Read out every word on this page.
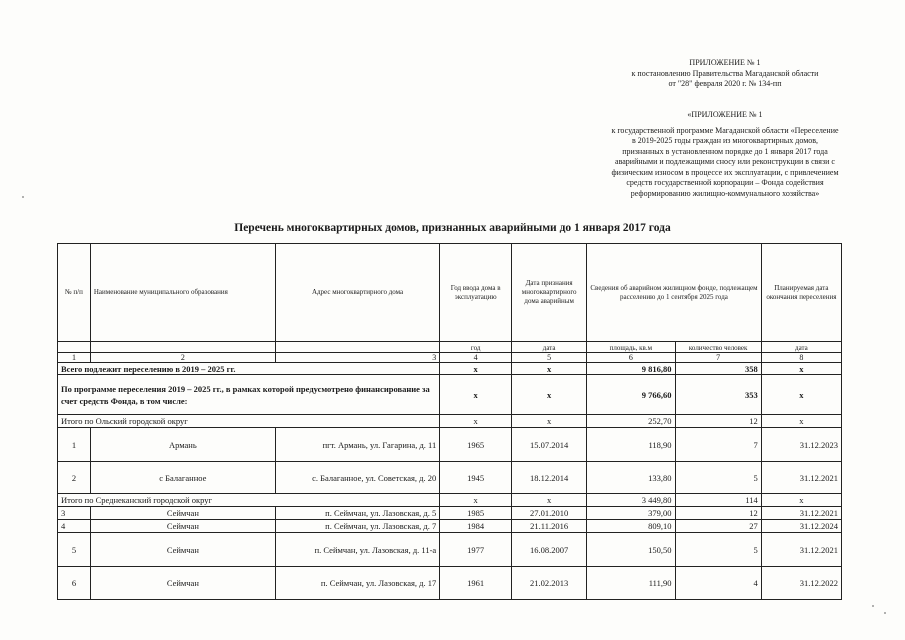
ПРИЛОЖЕНИЕ № 1
к постановлению Правительства Магаданской области
от "28" февраля 2020 г. № 134-пп
«ПРИЛОЖЕНИЕ № 1
к государственной программе Магаданской области «Переселение
в 2019-2025 годы граждан из многоквартирных домов,
признанных в установленном порядке до 1 января 2017 года
аварийными и подлежащими сносу или реконструкции в связи с
физическим износом в процессе их эксплуатации, с привлечением
средств государственной корпорации – Фонда содействия
реформированию жилищно-коммунального хозяйства»
Перечень многоквартирных домов, признанных аварийными до 1 января 2017 года
№ п/п	Наименование муниципального образования	Адрес многоквартирного дома	Год ввода дома в эксплуатацию	Дата признания многоквартирного дома аварийным	Сведения об аварийном жилищном фонде, подлежащем расселению до 1 сентября 2025 года		Планируемая дата окончания переселения
			год	дата	площадь, кв.м	количество человек	дата
1	2	3	4	5	6	7	8
Всего подлежит переселению в 2019 – 2025 гг.			x	x	9 816,80	358	x
По программе переселения 2019 – 2025 гг., в рамках которой предусмотрено финансирование за счет средств Фонда, в том числе:			x	x	9 766,60	353	x
Итого по Ольский городской округ			x	x	252,70	12	x
1	Армань	пгт. Армань, ул. Гагарина, д. 11	1965	15.07.2014	118,90	7	31.12.2023
2	с Балаганное	с. Балаганное, ул. Советская, д. 20	1945	18.12.2014	133,80	5	31.12.2021
Итого по Среднеканский городской округ			x	x	3 449,80	114	x
3	Сеймчан	п. Сеймчан, ул. Лазовская, д. 5	1985	27.01.2010	379,00	12	31.12.2021
4	Сеймчан	п. Сеймчан, ул. Лазовская, д. 7	1984	21.11.2016	809,10	27	31.12.2024
5	Сеймчан	п. Сеймчан, ул. Лазовская, д. 11-а	1977	16.08.2007	150,50	5	31.12.2021
6	Сеймчан	п. Сеймчан, ул. Лазовская, д. 17	1961	21.02.2013	111,90	4	31.12.2022
